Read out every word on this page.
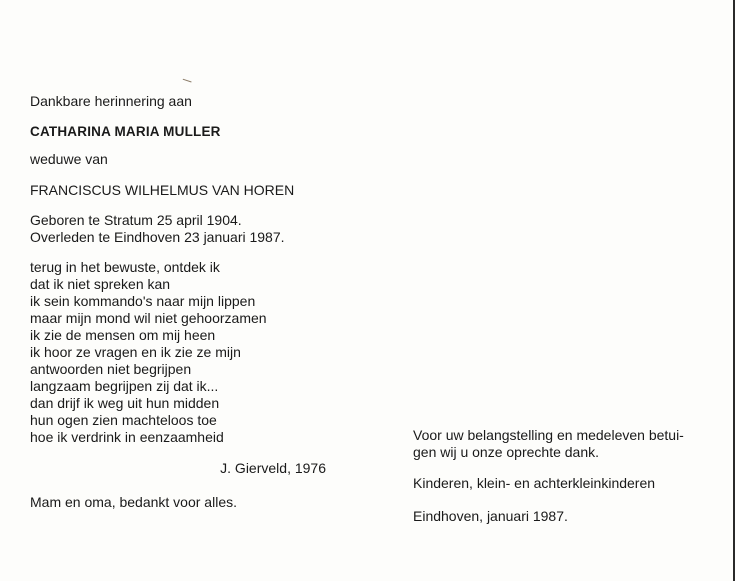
Dankbare herinnering aan

CATHARINA MARIA MULLER

weduwe van

FRANCISCUS WILHELMUS VAN HOREN

Geboren te Stratum 25 april 1904.

Overleden te Eindhoven 23 januari 1987.

terug in het bewuste, ontdek ik

dat ik niet spreken kan

ik sein kommando's naar mijn lippen

maar mijn mond wil niet gehoorzamen

ik zie de mensen om mij heen

ik hoor ze vragen en ik zie ze mijn

antwoorden niet begrijpen

langzaam begrijpen zij dat ik...

dan drijf ik weg uit hun midden

hun ogen zien machteloos toe

hoe ik verdrink in eenzaamheid

J. Gierveld, 1976

Mam en oma, bedankt voor alles.

Voor uw belangstelling en medeleven betui-

gen wij u onze oprechte dank.

Kinderen, klein- en achterkleinkinderen

Eindhoven, januari 1987.
